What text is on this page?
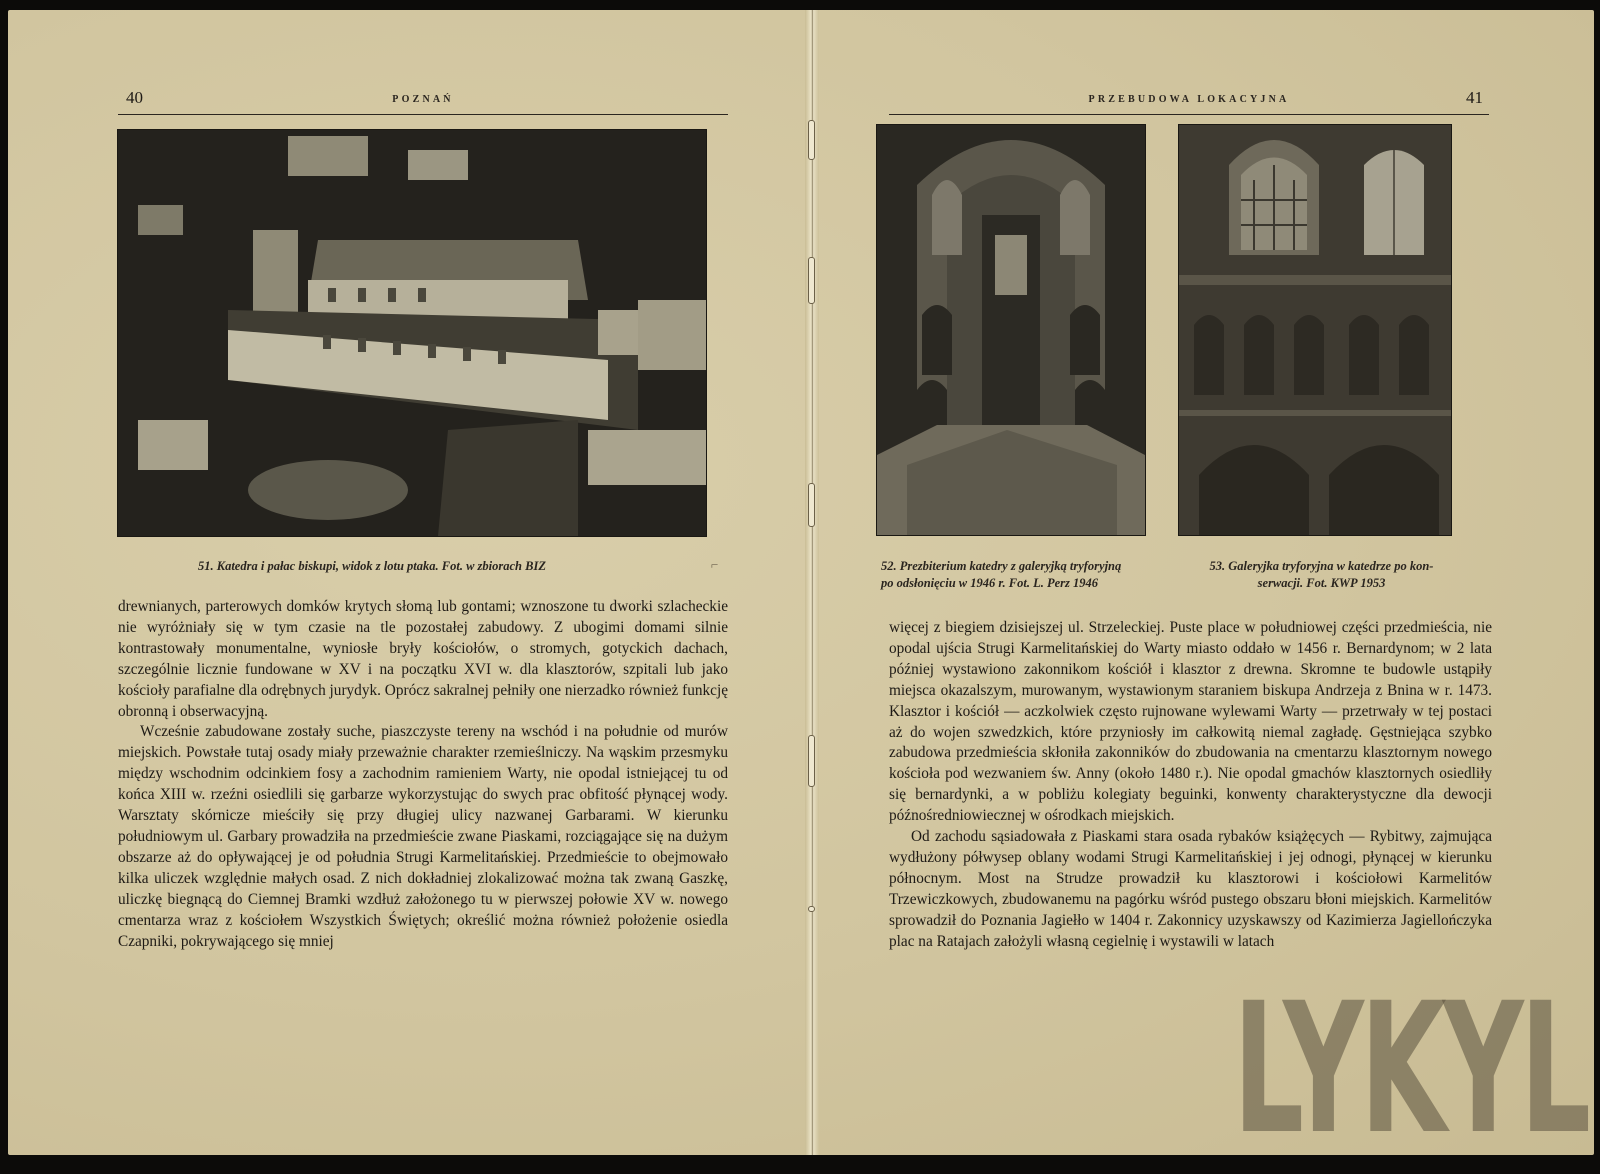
40	POZNAŃ
51. Katedra i pałac biskupi, widok z lotu ptaka. Fot. w zbiorach BIZ	⌐

drewnianych, parterowych domków krytych słomą lub gontami; wznoszone tu dworki szlacheckie nie wyróżniały się w tym czasie na tle pozostałej zabudowy. Z ubogimi domami silnie kontrastowały monumentalne, wyniosłe bryły kościołów, o stromych, gotyckich dachach, szczególnie licznie fundowane w XV i na początku XVI w. dla klasztorów, szpitali lub jako kościoły parafialne dla odrębnych jurydyk. Oprócz sakralnej pełniły one nierzadko również funkcję obronną i obserwacyjną.

Wcześnie zabudowane zostały suche, piaszczyste tereny na wschód i na południe od murów miejskich. Powstałe tutaj osady miały przeważnie charakter rzemieślniczy. Na wąskim przesmyku między wschodnim odcinkiem fosy a zachodnim ramieniem Warty, nie opodal istniejącej tu od końca XIII w. rzeźni osiedlili się garbarze wykorzystując do swych prac obfitość płynącej wody. Warsztaty skórnicze mieściły się przy długiej ulicy nazwanej Garbarami. W kierunku południowym ul. Garbary prowadziła na przedmieście zwane Piaskami, rozciągające się na dużym obszarze aż do opływającej je od południa Strugi Karmelitańskiej. Przedmieście to obejmowało kilka uliczek względnie małych osad. Z nich dokładniej zlokalizować można tak zwaną Gaszkę, uliczkę biegnącą do Ciemnej Bramki wzdłuż założonego tu w pierwszej połowie XV w. nowego cmentarza wraz z kościołem Wszystkich Świętych; określić można również położenie osiedla Czapniki, pokrywającego się mniej

PRZEBUDOWA LOKACYJNA	41
52. Prezbiterium katedry z galeryjką tryforyjną
po odsłonięciu w 1946 r. Fot. L. Perz 1946
53. Galeryjka tryforyjna w katedrze po kon-
serwacji. Fot. KWP 1953

więcej z biegiem dzisiejszej ul. Strzeleckiej. Puste place w południowej części przedmieścia, nie opodal ujścia Strugi Karmelitańskiej do Warty miasto oddało w 1456 r. Bernardynom; w 2 lata później wystawiono zakonnikom kościół i klasztor z drewna. Skromne te budowle ustąpiły miejsca okazalszym, murowanym, wystawionym staraniem biskupa Andrzeja z Bnina w r. 1473. Klasztor i kościół — aczkolwiek często rujnowane wylewami Warty — przetrwały w tej postaci aż do wojen szwedzkich, które przyniosły im całkowitą niemal zagładę. Gęstniejąca szybko zabudowa przedmieścia skłoniła zakonników do zbudowania na cmentarzu klasztornym nowego kościoła pod wezwaniem św. Anny (około 1480 r.). Nie opodal gmachów klasztornych osiedliły się bernardynki, a w pobliżu kolegiaty beguinki, konwenty charakterystyczne dla dewocji późnośredniowiecznej w ośrodkach miejskich.

Od zachodu sąsiadowała z Piaskami stara osada rybaków książęcych — Rybitwy, zajmująca wydłużony półwysep oblany wodami Strugi Karmelitańskiej i jej odnogi, płynącej w kierunku północnym. Most na Strudze prowadził ku klasztorowi i kościołowi Karmelitów Trzewiczkowych, zbudowanemu na pagórku wśród pustego obszaru błoni miejskich. Karmelitów sprowadził do Poznania Jagiełło w 1404 r. Zakonnicy uzyskawszy od Kazimierza Jagiellończyka plac na Ratajach założyli własną cegielnię i wystawili w latach

LYKYL
